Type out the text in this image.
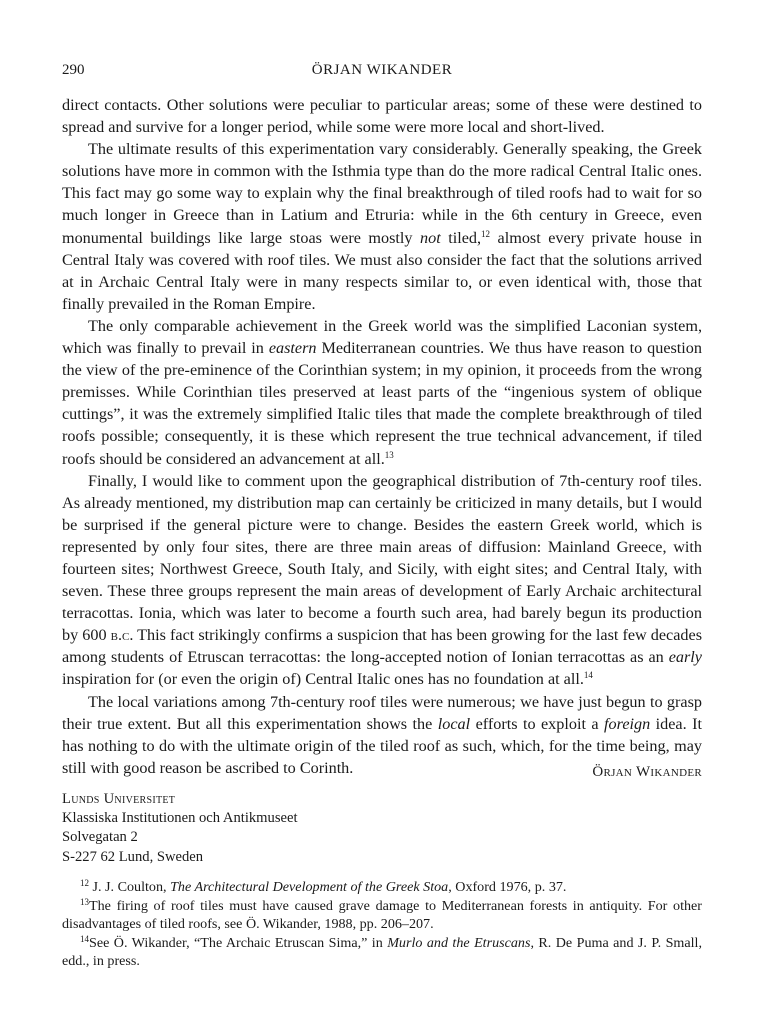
290	ÖRJAN WIKANDER

direct contacts. Other solutions were peculiar to particular areas; some of these were destined to spread and survive for a longer period, while some were more local and short-lived.

The ultimate results of this experimentation vary considerably. Generally speaking, the Greek solutions have more in common with the Isthmia type than do the more radical Central Italic ones. This fact may go some way to explain why the final breakthrough of tiled roofs had to wait for so much longer in Greece than in Latium and Etruria: while in the 6th century in Greece, even monumental buildings like large stoas were mostly not tiled,$^{12}$ almost every private house in Central Italy was covered with roof tiles. We must also consider the fact that the solutions arrived at in Archaic Central Italy were in many respects similar to, or even identical with, those that finally prevailed in the Roman Empire.

The only comparable achievement in the Greek world was the simplified Laconian system, which was finally to prevail in eastern Mediterranean countries. We thus have reason to question the view of the pre-eminence of the Corinthian system; in my opinion, it proceeds from the wrong premisses. While Corinthian tiles preserved at least parts of the “ingenious system of oblique cuttings”, it was the extremely simplified Italic tiles that made the complete breakthrough of tiled roofs possible; consequently, it is these which represent the true technical advancement, if tiled roofs should be considered an advancement at all.$^{13}$

Finally, I would like to comment upon the geographical distribution of 7th-century roof tiles. As already mentioned, my distribution map can certainly be criticized in many details, but I would be surprised if the general picture were to change. Besides the eastern Greek world, which is represented by only four sites, there are three main areas of diffusion: Mainland Greece, with fourteen sites; Northwest Greece, South Italy, and Sicily, with eight sites; and Central Italy, with seven. These three groups represent the main areas of development of Early Archaic architectural terracottas. Ionia, which was later to become a fourth such area, had barely begun its production by 600 b.c. This fact strikingly confirms a suspicion that has been growing for the last few decades among students of Etruscan terracottas: the long-accepted notion of Ionian terracottas as an early inspiration for (or even the origin of) Central Italic ones has no foundation at all.$^{14}$

The local variations among 7th-century roof tiles were numerous; we have just begun to grasp their true extent. But all this experimentation shows the local efforts to exploit a foreign idea. It has nothing to do with the ultimate origin of the tiled roof as such, which, for the time being, may still with good reason be ascribed to Corinth.	Örjan Wikander
Lunds Universitet
Klassiska Institutionen och Antikmuseet
Solvegatan 2
S-227 62 Lund, Sweden

$^{12}$ J. J. Coulton, The Architectural Development of the Greek Stoa, Oxford 1976, p. 37.

$^{13}$The firing of roof tiles must have caused grave damage to Mediterranean forests in antiquity. For other disadvantages of tiled roofs, see Ö. Wikander, 1988, pp. 206–207.

$^{14}$See Ö. Wikander, “The Archaic Etruscan Sima,” in Murlo and the Etruscans, R. De Puma and J. P. Small, edd., in press.
